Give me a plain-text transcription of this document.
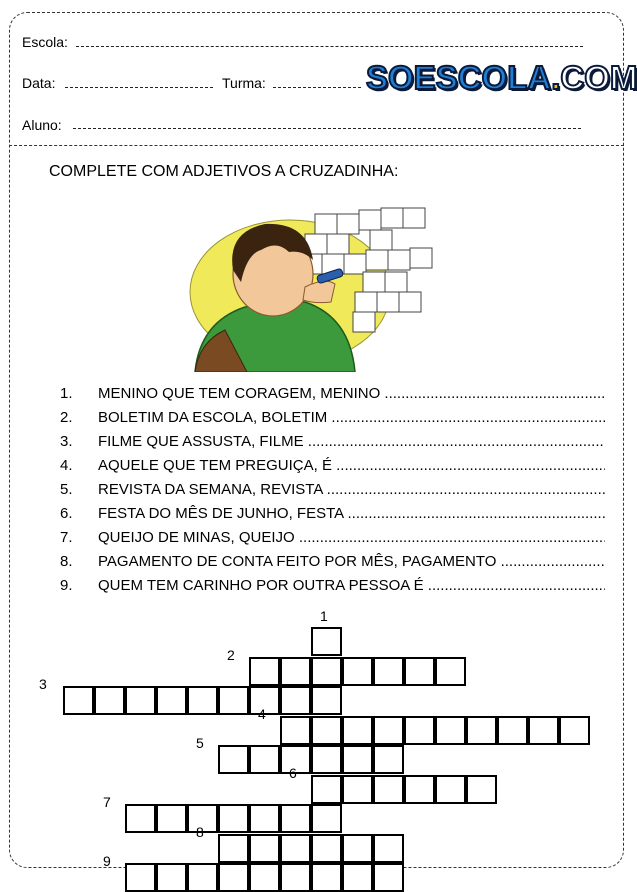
Escola:
Data:	Turma:	SOESCOLA.COM
Aluno:
COMPLETE COM ADJETIVOS A CRUZADINHA:
1.	MENINO QUE TEM CORAGEM, MENINO .....
2.	BOLETIM DA ESCOLA, BOLETIM .....
3.	FILME QUE ASSUSTA, FILME .....
4.	AQUELE QUE TEM PREGUIÇA, É .....
5.	REVISTA DA SEMANA, REVISTA .....
6.	FESTA DO MÊS DE JUNHO, FESTA .....
7.	QUEIJO DE MINAS, QUEIJO .....
8.	PAGAMENTO DE CONTA FEITO POR MÊS, PAGAMENTO .....
9.	QUEM TEM CARINHO POR OUTRA PESSOA É .....
1
2
3
4
5
6
7
8
9
